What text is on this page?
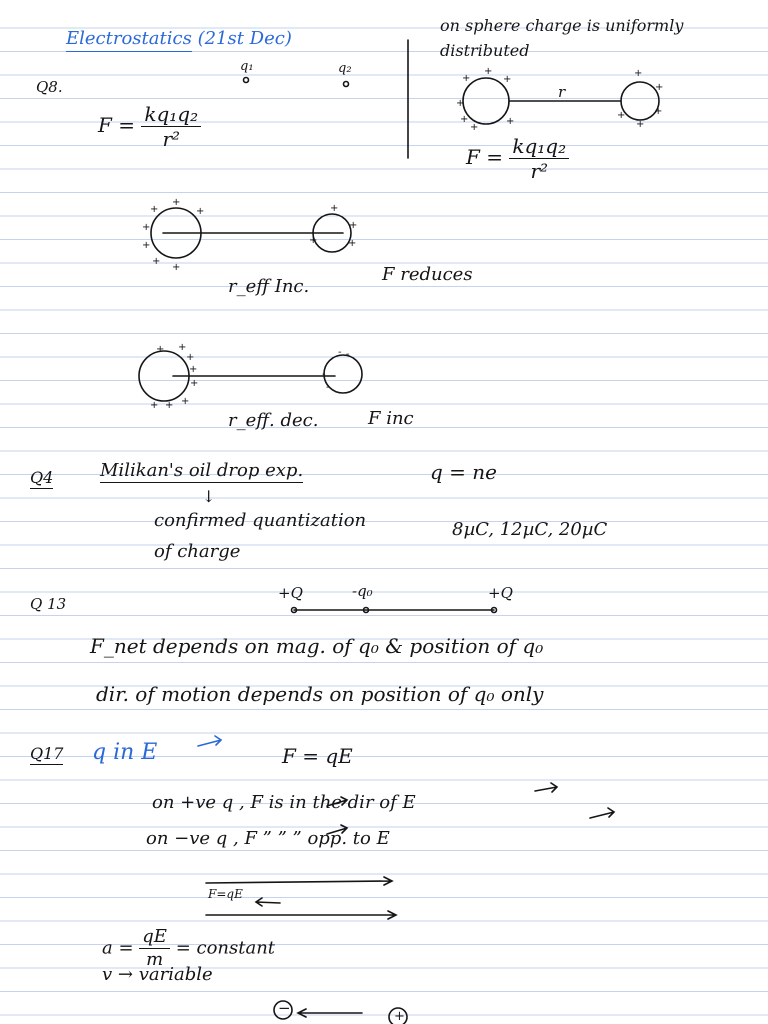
+
+
+
+
+
+
+
+
+
+
+
+
+
+
+
+
+
+
+
+
+
+
+
+ +
+
+
+
+ + +
- -
-
-
Electrostatics (21st Dec)
Q8.
q₁	q₂
$F = \frac{\text{kq₁q₂}}{\text{r²}}$
on sphere charge is uniformly
distributed
r
$F = \frac{\text{kq₁q₂}}{\text{r²}}$
r_eff Inc.
F reduces
r_eff. dec.	F inc
Q4	Milikan's oil drop exp.	q = ne
↓
confirmed quantization
of charge
8µC, 12µC, 20µC
Q 13
+Q	-q₀	+Q
F_net depends on mag. of q₀ & position of q₀
dir. of motion depends on position of q₀ only
Q17 q in E	F = qE
on +ve q , F is in the dir of E
on −ve q , F ” ” ” opp. to E
F=qE
$a = \frac{qE}{m}$ = constant
v → variable
−	+
